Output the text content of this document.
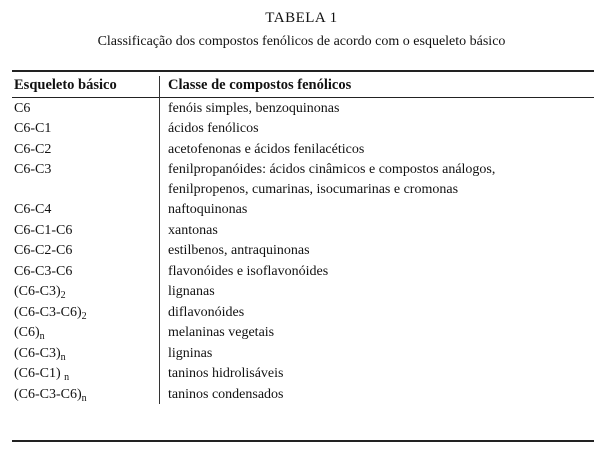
TABELA 1
Classificação dos compostos fenólicos de acordo com o esqueleto básico
Esqueleto básico	Classe de compostos fenólicos
C6	fenóis simples, benzoquinonas

C6-C1	ácidos fenólicos

C6-C2	acetofenonas e ácidos fenilacéticos

C6-C3	fenilpropanóides: ácidos cinâmicos e compostos análogos,
fenilpropenos, cumarinas, isocumarinas e cromonas

C6-C4	naftoquinonas

C6-C1-C6	xantonas

C6-C2-C6	estilbenos, antraquinonas

C6-C3-C6	flavonóides e isoflavonóides

$(C6-C3)_2$	lignanas

$(C6-C3-C6)_2$	diflavonóides

$(C6)_n$	melaninas vegetais

$(C6-C3)_n$	ligninas

(C6-C1) $_n$	taninos hidrolisáveis

$(C6-C3-C6)_n$	taninos condensados
